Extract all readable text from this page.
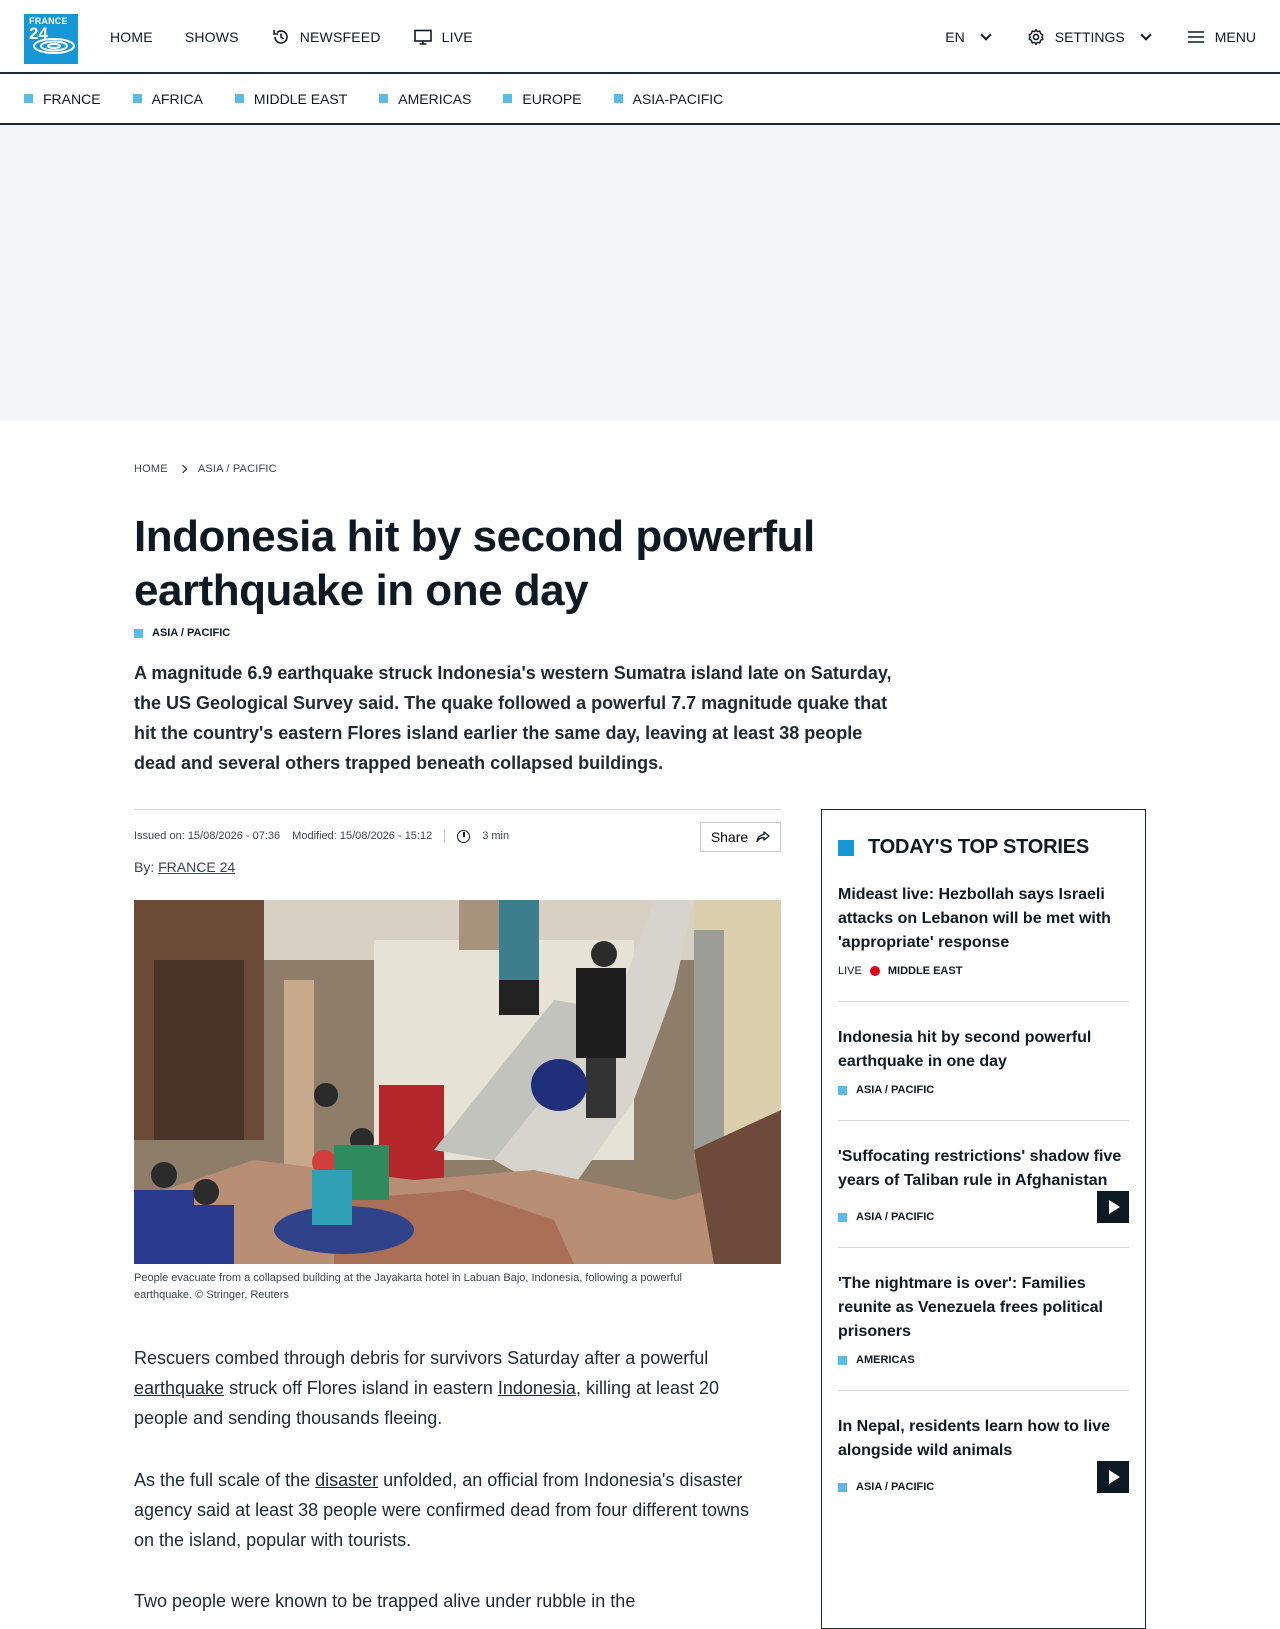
FRANCE
24	HOME SHOWS	NEWSFEED	LIVE	EN	SETTINGS	MENU
FRANCE	AFRICA	MIDDLE EAST	AMERICAS	EUROPE	ASIA-PACIFIC
HOME	ASIA / PACIFIC
Indonesia hit by second powerful earthquake in one day
ASIA / PACIFIC

A magnitude 6.9 earthquake struck Indonesia's western Sumatra island late on Saturday, the US Geological Survey said. The quake followed a powerful 7.7 magnitude quake that hit the country's eastern Flores island earlier the same day, leaving at least 38 people dead and several others trapped beneath collapsed buildings.

Issued on: 15/08/2026 - 07:36 Modified: 15/08/2026 - 15:12	3 min	Share
By: FRANCE 24

People evacuate from a collapsed building at the Jayakarta hotel in Labuan Bajo, Indonesia, following a powerful earthquake. © Stringer, Reuters

Rescuers combed through debris for survivors Saturday after a powerful earthquake struck off Flores island in eastern Indonesia, killing at least 20 people and sending thousands fleeing.

As the full scale of the disaster unfolded, an official from Indonesia's disaster agency said at least 38 people were confirmed dead from four different towns on the island, popular with tourists.

Two people were known to be trapped alive under rubble in the

TODAY'S TOP STORIES
Mideast live: Hezbollah says Israeli attacks on Lebanon will be met with 'appropriate' response
LIVE MIDDLE EAST
Indonesia hit by second powerful earthquake in one day
ASIA / PACIFIC
'Suffocating restrictions' shadow five years of Taliban rule in Afghanistan
ASIA / PACIFIC
'The nightmare is over': Families reunite as Venezuela frees political prisoners
AMERICAS
In Nepal, residents learn how to live alongside wild animals
ASIA / PACIFIC
